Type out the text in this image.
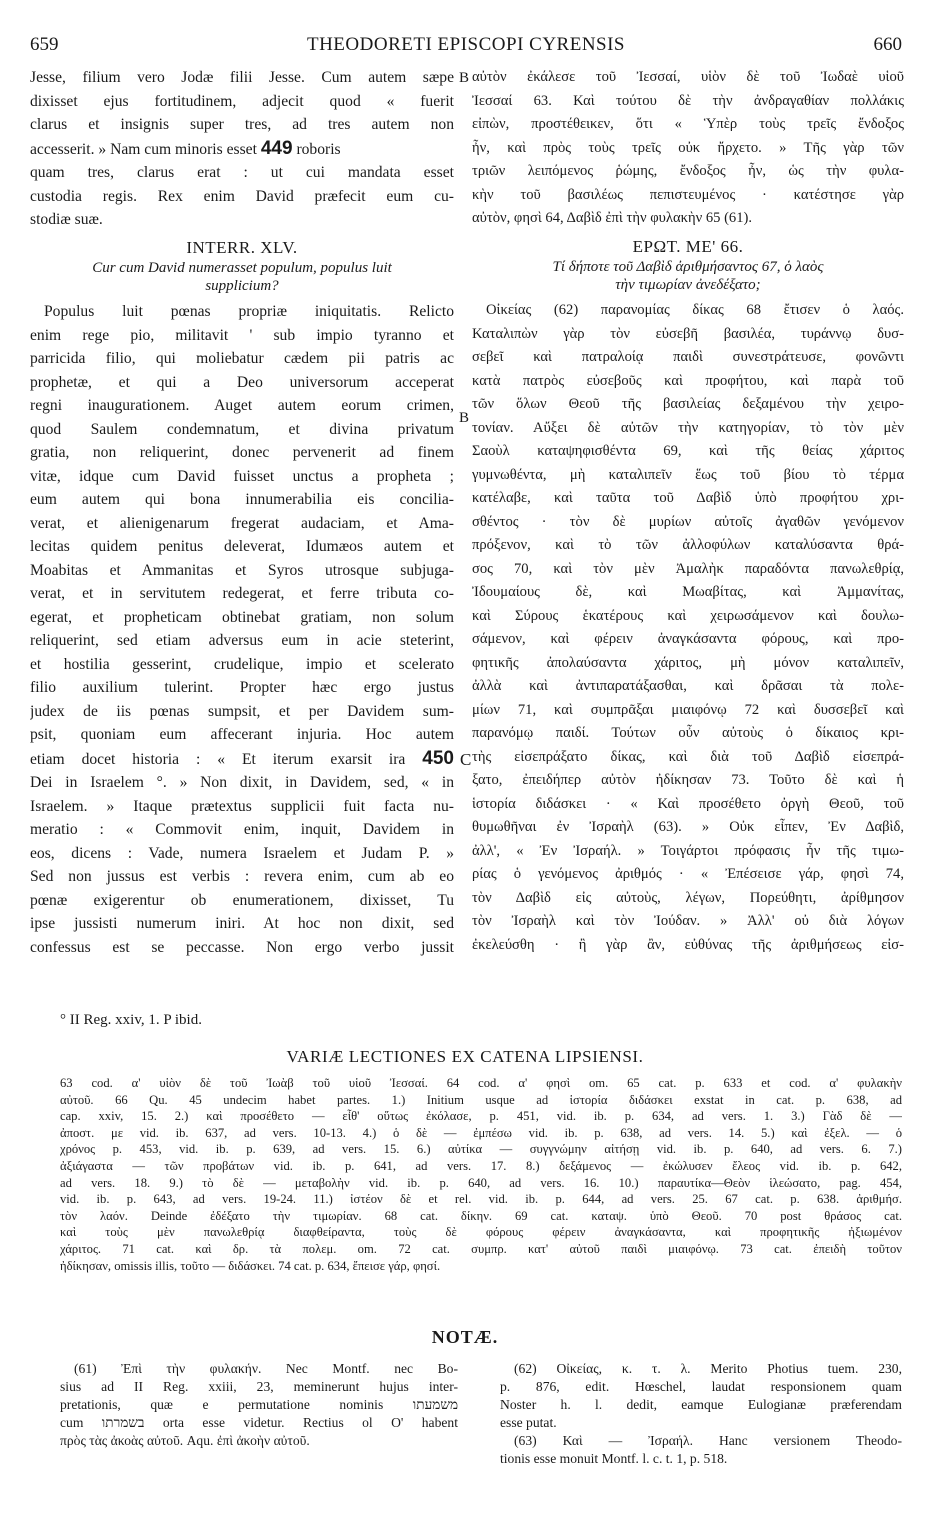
659	THEODORETI EPISCOPI CYRENSIS	660
Jesse, filium vero Jodæ filii Jesse. Cum autem sæpe
dixisset ejus fortitudinem, adjecit quod « fuerit
clarus et insignis super tres, ad tres autem non
accesserit. » Nam cum minoris esset 449 roboris
quam tres, clarus erat : ut cui mandata esset
custodia regis. Rex enim David præfecit eum cu-
stodiæ suæ.
INTERR. XLV.
Cur cum David numerasset populum, populus luit
supplicium?
Populus luit pœnas propriæ iniquitatis. Relicto
enim rege pio, militavit ' sub impio tyranno et
parricida filio, qui moliebatur cædem pii patris ac
prophetæ, et qui a Deo universorum acceperat
regni inaugurationem. Auget autem eorum crimen,
quod Saulem condemnatum, et divina privatum
gratia, non reliquerint, donec pervenerit ad finem
vitæ, idque cum David fuisset unctus a propheta ;
eum autem qui bona innumerabilia eis concilia-
verat, et alienigenarum fregerat audaciam, et Ama-
lecitas quidem penitus deleverat, Idumæos autem et
Moabitas et Ammanitas et Syros utrosque subjuga-
verat, et in servitutem redegerat, et ferre tributa co-
egerat, et propheticam obtinebat gratiam, non solum
reliquerint, sed etiam adversus eum in acie steterint,
et hostilia gesserint, crudelique, impio et scelerato
filio auxilium tulerint. Propter hæc ergo justus
judex de iis pœnas sumpsit, et per Davidem sum-
psit, quoniam eum affecerant injuria. Hoc autem
etiam docet historia : « Et iterum exarsit ira 450
Dei in Israelem °. » Non dixit, in Davidem, sed, « in
Israelem. » Itaque prætextus supplicii fuit facta nu-
meratio : « Commovit enim, inquit, Davidem in
eos, dicens : Vade, numera Israelem et Judam P. »
Sed non jussus est verbis : revera enim, cum ab eo
pœnæ exigerentur ob enumerationem, dixisset, Tu
ipse jussisti numerum iniri. At hoc non dixit, sed
confessus est se peccasse. Non ergo verbo jussit
B
B
C
αὐτὸν ἐκάλεσε τοῦ Ἰεσσαί, υἱὸν δὲ τοῦ Ἰωδαὲ υἱοῦ
Ἰεσσαί 63. Καὶ τούτου δὲ τὴν ἀνδραγαθίαν πολλάκις
εἰπὼν, προστέθεικεν, ὅτι « Ὑπὲρ τοὺς τρεῖς ἔνδοξος
ἦν, καὶ πρὸς τοὺς τρεῖς οὐκ ἤρχετο. » Τῆς γὰρ τῶν
τριῶν λειπόμενος ῥώμης, ἔνδοξος ἦν, ὡς τὴν φυλα-
κὴν τοῦ βασιλέως πεπιστευμένος · κατέστησε γὰρ
αὐτὸν, φησὶ 64, Δαβὶδ ἐπὶ τὴν φυλακὴν 65 (61).
ΕΡΩΤ. ΜΕ' 66.
Τί δήποτε τοῦ Δαβὶδ ἀριθμήσαντος 67, ὁ λαὸς
τὴν τιμωρίαν ἀνεδέξατο;
Οἰκείας (62) παρανομίας δίκας 68 ἔτισεν ὁ λαός.
Καταλιπὼν γὰρ τὸν εὐσεβῆ βασιλέα, τυράννῳ δυσ-
σεβεῖ καὶ πατραλοίᾳ παιδὶ συνεστράτευσε, φονῶντι
κατὰ πατρὸς εὐσεβοῦς καὶ προφήτου, καὶ παρὰ τοῦ
τῶν ὅλων Θεοῦ τῆς βασιλείας δεξαμένου τὴν χειρο-
τονίαν. Αὔξει δὲ αὐτῶν τὴν κατηγορίαν, τὸ τὸν μὲν
Σαοὺλ καταψηφισθέντα 69, καὶ τῆς θείας χάριτος
γυμνωθέντα, μὴ καταλιπεῖν ἕως τοῦ βίου τὸ τέρμα
κατέλαβε, καὶ ταῦτα τοῦ Δαβὶδ ὑπὸ προφήτου χρι-
σθέντος · τὸν δὲ μυρίων αὐτοῖς ἀγαθῶν γενόμενον
πρόξενον, καὶ τὸ τῶν ἀλλοφύλων καταλύσαντα θρά-
σος 70, καὶ τὸν μὲν Ἀμαλὴκ παραδόντα πανωλεθρίᾳ,
Ἰδουμαίους δὲ, καὶ Μωαβίτας, καὶ Ἀμμανίτας,
καὶ Σύρους ἑκατέρους καὶ χειρωσάμενον καὶ δουλω-
σάμενον, καὶ φέρειν ἀναγκάσαντα φόρους, καὶ προ-
φητικῆς ἀπολαύσαντα χάριτος, μὴ μόνον καταλιπεῖν,
ἀλλὰ καὶ ἀντιπαρατάξασθαι, καὶ δρᾶσαι τὰ πολε-
μίων 71, καὶ συμπρᾶξαι μιαιφόνῳ 72 καὶ δυσσεβεῖ καὶ
παρανόμῳ παιδί. Τούτων οὖν αὐτοὺς ὁ δίκαιος κρι-
τὴς εἰσεπράξατο δίκας, καὶ διὰ τοῦ Δαβὶδ εἰσεπρά-
ξατο, ἐπειδήπερ αὐτὸν ἠδίκησαν 73. Τοῦτο δὲ καὶ ἡ
ἱστορία διδάσκει · « Καὶ προσέθετο ὀργὴ Θεοῦ, τοῦ
θυμωθῆναι ἐν Ἰσραὴλ (63). » Οὐκ εἶπεν, Ἐν Δαβὶδ,
ἀλλ', « Ἐν Ἰσραήλ. » Τοιγάρτοι πρόφασις ἦν τῆς τιμω-
ρίας ὁ γενόμενος ἀριθμός · « Ἐπέσεισε γάρ, φησὶ 74,
τὸν Δαβὶδ εἰς αὐτοὺς, λέγων, Πορεύθητι, ἀρίθμησον
τὸν Ἰσραὴλ καὶ τὸν Ἰούδαν. » Ἀλλ' οὐ διὰ λόγων
ἐκελεύσθη · ἢ γὰρ ἂν, εὐθύνας τῆς ἀριθμήσεως εἰσ-
° II Reg. xxiv, 1. P ibid.
VARIÆ LECTIONES EX CATENA LIPSIENSI.
63 cod. α' υἱὸν δὲ τοῦ Ἰωὰβ τοῦ υἱοῦ Ἰεσσαί. 64 cod. α' φησὶ om. 65 cat. p. 633 et cod. α' φυλακὴν
αὐτοῦ. 66 Qu. 45 undecim habet partes. 1.) Initium usque ad ἱστορία διδάσκει exstat in cat. p. 638, ad
cap. xxiv, 15. 2.) καὶ προσέθετο — εἶθ' οὕτως ἐκόλασε, p. 451, vid. ib. p. 634, ad vers. 1. 3.) Γὰδ δὲ —
ἀποστ. με vid. ib. 637, ad vers. 10-13. 4.) ὁ δὲ — ἐμπέσω vid. ib. p. 638, ad vers. 14. 5.) καὶ ἐξελ. — ὁ
χρόνος p. 453, vid. ib. p. 639, ad vers. 15. 6.) αὐτίκα — συγγνώμην αἰτήσῃ vid. ib. p. 640, ad vers. 6. 7.)
ἀξιάγαστα — τῶν προβάτων vid. ib. p. 641, ad vers. 17. 8.) δεξάμενος — ἐκώλυσεν ἔλεος vid. ib. p. 642,
ad vers. 18. 9.) τὸ δὲ — μεταβολὴν vid. ib. p. 640, ad vers. 16. 10.) παραυτίκα—Θεὸν ἱλεώσατο, pag. 454,
vid. ib. p. 643, ad vers. 19-24. 11.) ἰστέον δὲ et rel. vid. ib. p. 644, ad vers. 25. 67 cat. p. 638. ἀριθμήσ.
τὸν λαόν. Deinde ἐδέξατο τὴν τιμωρίαν. 68 cat. δίκην. 69 cat. καταψ. ὑπὸ Θεοῦ. 70 post θράσος cat.
καὶ τοὺς μὲν πανωλεθρίᾳ διαφθείραντα, τοὺς δὲ φόρους φέρειν ἀναγκάσαντα, καὶ προφητικῆς ἠξιωμένον
χάριτος. 71 cat. καὶ δρ. τὰ πολεμ. om. 72 cat. συμπρ. κατ' αὐτοῦ παιδὶ μιαιφόνῳ. 73 cat. ἐπειδὴ τοῦτον
ἠδίκησαν, omissis illis, τοῦτο — διδάσκει. 74 cat. p. 634, ἔπεισε γάρ, φησί.
NOTÆ.
(61) Ἐπὶ τὴν φυλακήν. Nec Montf. nec Bo-
sius ad II Reg. xxiii, 23, meminerunt hujus inter-
pretationis, quæ e permutatione nominis משמעתו
cum בשמרתו orta esse videtur. Rectius ol O' habent
πρὸς τὰς ἀκοὰς αὐτοῦ. Aqu. ἐπὶ ἀκοὴν αὐτοῦ.
(62) Οἰκείας, κ. τ. λ. Merito Photius tuem. 230,
p. 876, edit. Hœschel, laudat responsionem quam
Noster h. l. dedit, eamque Eulogianæ præferendam
esse putat.
(63) Καὶ — Ἰσραήλ. Hanc versionem Theodo-
tionis esse monuit Montf. l. c. t. 1, p. 518.
